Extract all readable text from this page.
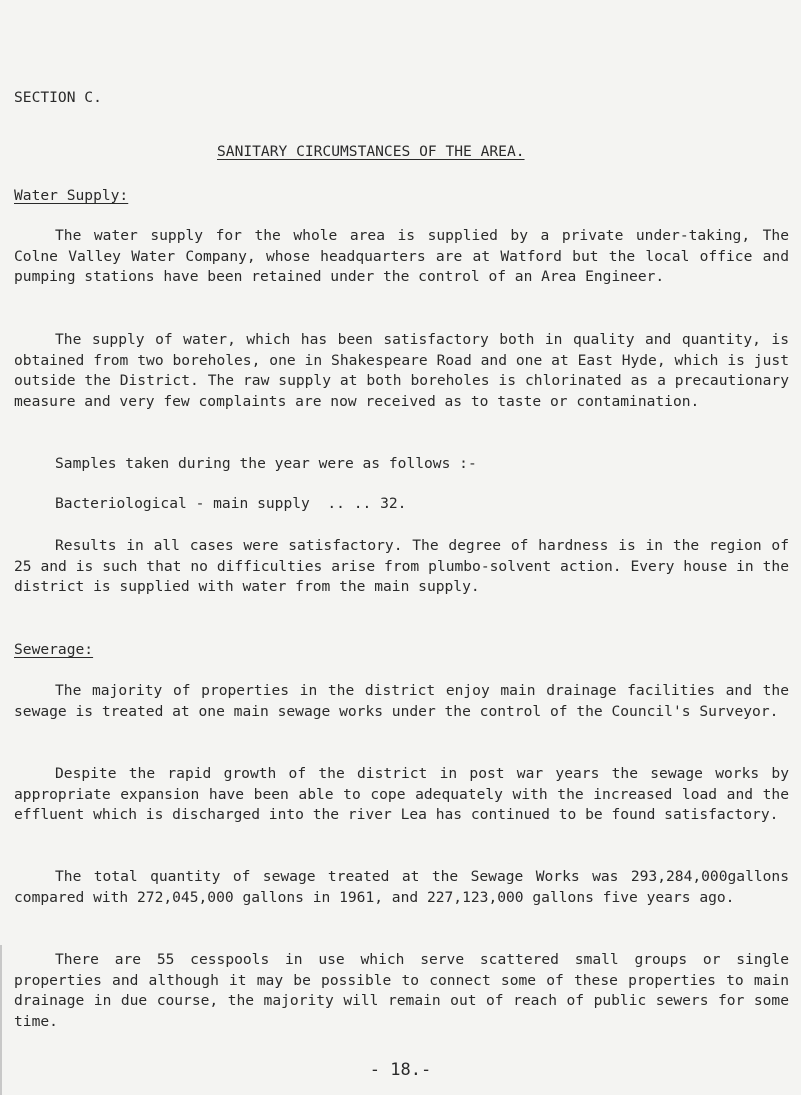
SECTION C.

SANITARY CIRCUMSTANCES OF THE AREA.

Water Supply:

The water supply for the whole area is supplied by a private under-taking, The Colne Valley Water Company, whose headquarters are at Watford but the local office and pumping stations have been retained under the control of an Area Engineer.

The supply of water, which has been satisfactory both in quality and quantity, is obtained from two boreholes, one in Shakespeare Road and one at East Hyde, which is just outside the District. The raw supply at both boreholes is chlorinated as a precautionary measure and very few complaints are now received as to taste or contamination.

Samples taken during the year were as follows :-

Bacteriological - main supply  .. .. 32.

Results in all cases were satisfactory. The degree of hardness is in the region of 25 and is such that no difficulties arise from plumbo-solvent action. Every house in the district is supplied with water from the main supply.

Sewerage:

The majority of properties in the district enjoy main drainage facilities and the sewage is treated at one main sewage works under the control of the Council's Surveyor.

Despite the rapid growth of the district in post war years the sewage works by appropriate expansion have been able to cope adequately with the increased load and the effluent which is discharged into the river Lea has continued to be found satisfactory.

The total quantity of sewage treated at the Sewage Works was 293,284,000gallons compared with 272,045,000 gallons in 1961, and 227,123,000 gallons five years ago.

There are 55 cesspools in use which serve scattered small groups or single properties and although it may be possible to connect some of these properties to main drainage in due course, the majority will remain out of reach of public sewers for some time.

- 18.-
